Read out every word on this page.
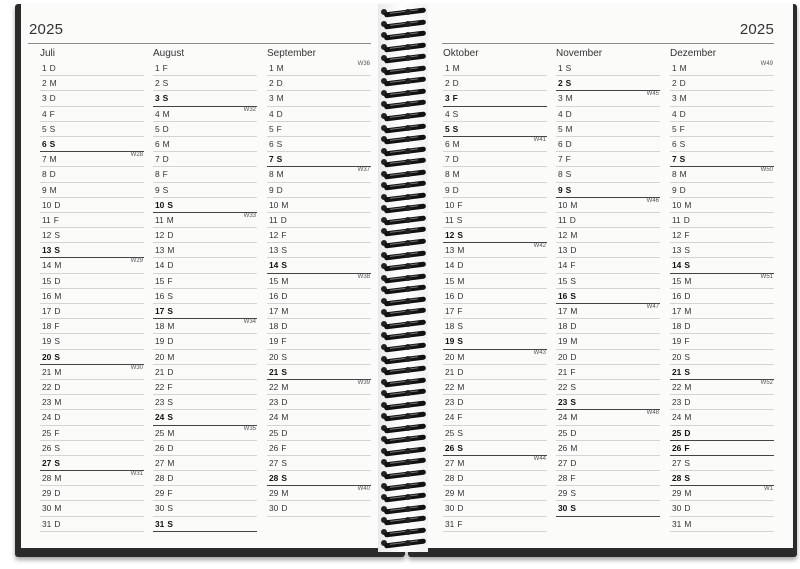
2025
Juli
1 D
2 M
3 D
4 F
5 S
6 S
7 M	W28
8 D
9 M
10 D
11 F
12 S
13 S
14 M	W29
15 D
16 M
17 D
18 F
19 S
20 S
21 M	W30
22 D
23 M
24 D
25 F
26 S
27 S
28 M	W31
29 D
30 M
31 D
August
1 F
2 S
3 S
4 M	W32
5 D
6 M
7 D
8 F
9 S
10 S
11 M	W33
12 D
13 M
14 D
15 F
16 S
17 S
18 M	W34
19 D
20 M
21 D
22 F
23 S
24 S
25 M	W35
26 D
27 M
28 D
29 F
30 S
31 S
September
1 M	W36
2 D
3 M
4 D
5 F
6 S
7 S
8 M	W37
9 D
10 M
11 D
12 F
13 S
14 S
15 M	W38
16 D
17 M
18 D
19 F
20 S
21 S
22 M	W39
23 D
24 M
25 D
26 F
27 S
28 S
29 M	W40
30 D
2025
Oktober
1 M
2 D
3 F
4 S
5 S
6 M	W41
7 D
8 M
9 D
10 F
11 S
12 S
13 M	W42
14 D
15 M
16 D
17 F
18 S
19 S
20 M	W43
21 D
22 M
23 D
24 F
25 S
26 S
27 M	W44
28 D
29 M
30 D
31 F
November
1 S
2 S
3 M	W45
4 D
5 M
6 D
7 F
8 S
9 S
10 M	W46
11 D
12 M
13 D
14 F
15 S
16 S
17 M	W47
18 D
19 M
20 D
21 F
22 S
23 S
24 M	W48
25 D
26 M
27 D
28 F
29 S
30 S
Dezember
1 M	W49
2 D
3 M
4 D
5 F
6 S
7 S
8 M	W50
9 D
10 M
11 D
12 F
13 S
14 S
15 M	W51
16 D
17 M
18 D
19 F
20 S
21 S
22 M	W52
23 D
24 M
25 D
26 F
27 S
28 S
29 M	W1
30 D
31 M
